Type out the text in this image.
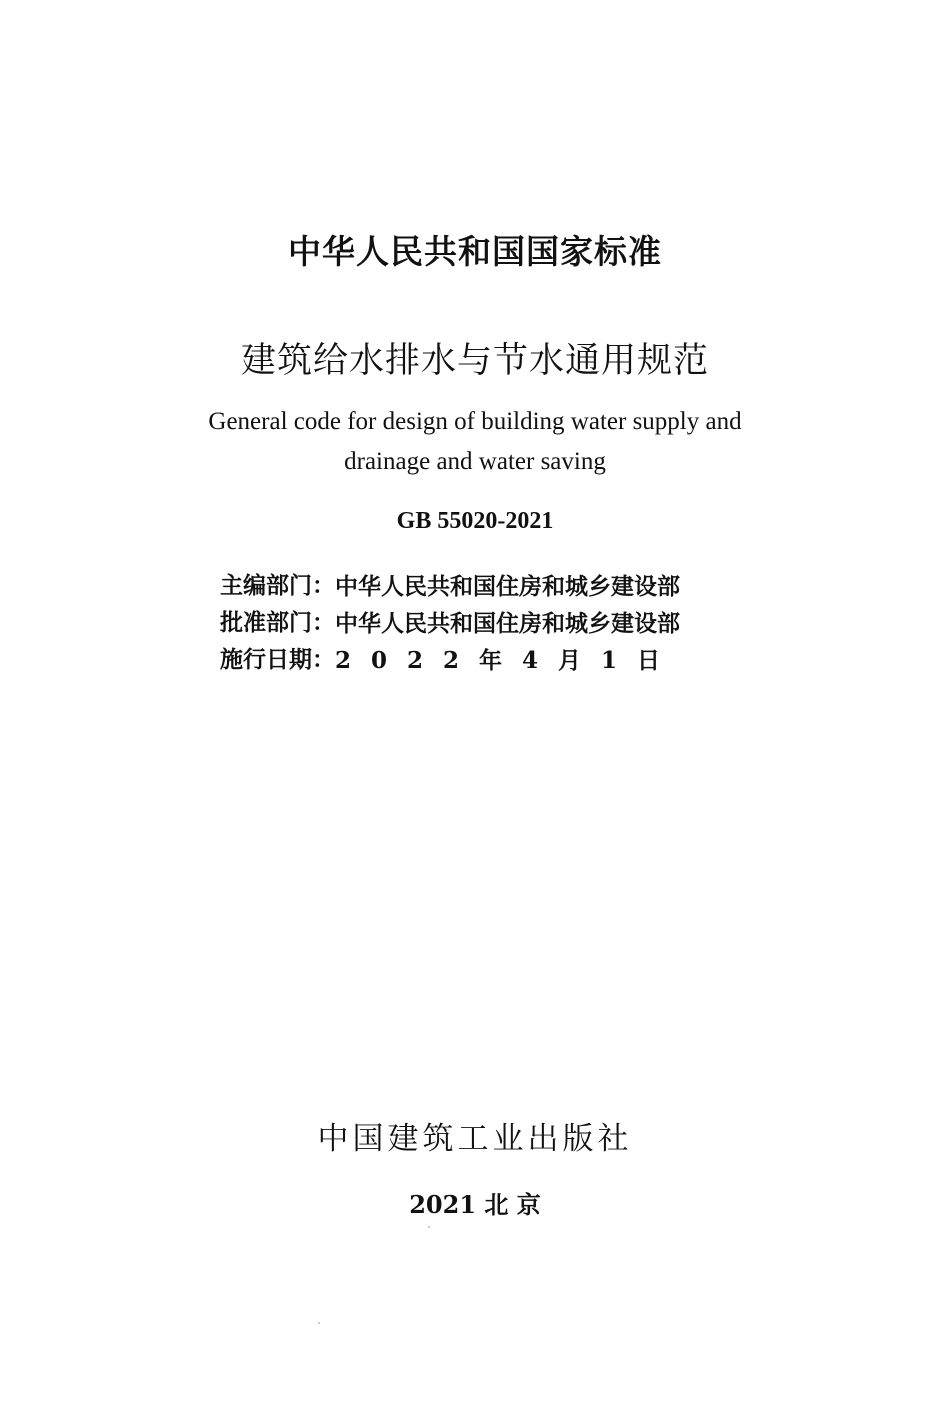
中华人民共和国国家标准
建筑给水排水与节水通用规范
General code for design of building water supply and
drainage and water saving
GB 55020-2021
主编部门： 中华人民共和国住房和城乡建设部
批准部门： 中华人民共和国住房和城乡建设部
施行日期： 2022年4月1日
中国建筑工业出版社
2021 北 京
